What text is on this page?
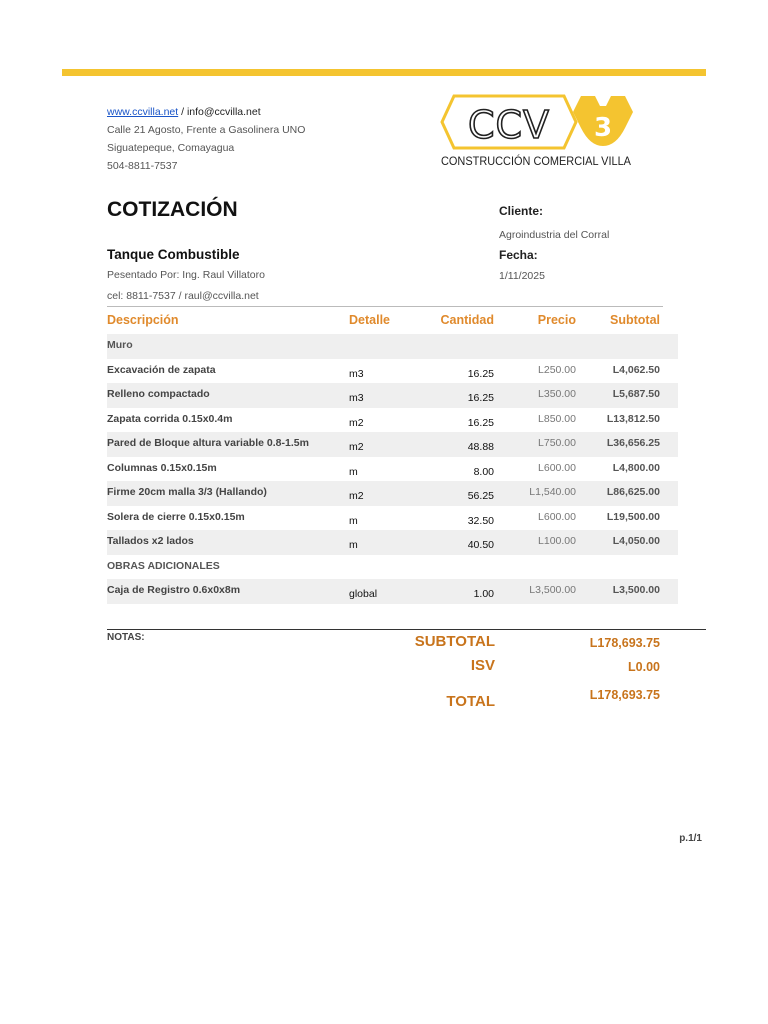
www.ccvilla.net / info@ccvilla.net
Calle 21 Agosto, Frente a Gasolinera UNO
Siguatepeque, Comayagua
504-8811-7537
CCV 3
CONSTRUCCIÓN COMERCIAL VILLA
COTIZACIÓN
Tanque Combustible
Pesentado Por: Ing. Raul Villatoro
cel: 8811-7537 / raul@ccvilla.net
Cliente:
Agroindustria del Corral
Fecha:
1/11/2025
Descripción	Detalle	Cantidad	Precio	Subtotal
Muro
Excavación de zapata	m3	16.25	L250.00	L4,062.50
Relleno compactado	m3	16.25	L350.00	L5,687.50
Zapata corrida 0.15x0.4m	m2	16.25	L850.00	L13,812.50
Pared de Bloque altura variable 0.8-1.5m	m2	48.88	L750.00	L36,656.25
Columnas 0.15x0.15m	m	8.00	L600.00	L4,800.00
Firme 20cm malla 3/3 (Hallando)	m2	56.25	L1,540.00	L86,625.00
Solera de cierre 0.15x0.15m	m	32.50	L600.00	L19,500.00
Tallados x2 lados	m	40.50	L100.00	L4,050.00
OBRAS ADICIONALES
Caja de Registro 0.6x0x8m	global	1.00	L3,500.00	L3,500.00
NOTAS:	SUBTOTAL	L178,693.75
ISV	L0.00
TOTAL	L178,693.75
p.1/1
